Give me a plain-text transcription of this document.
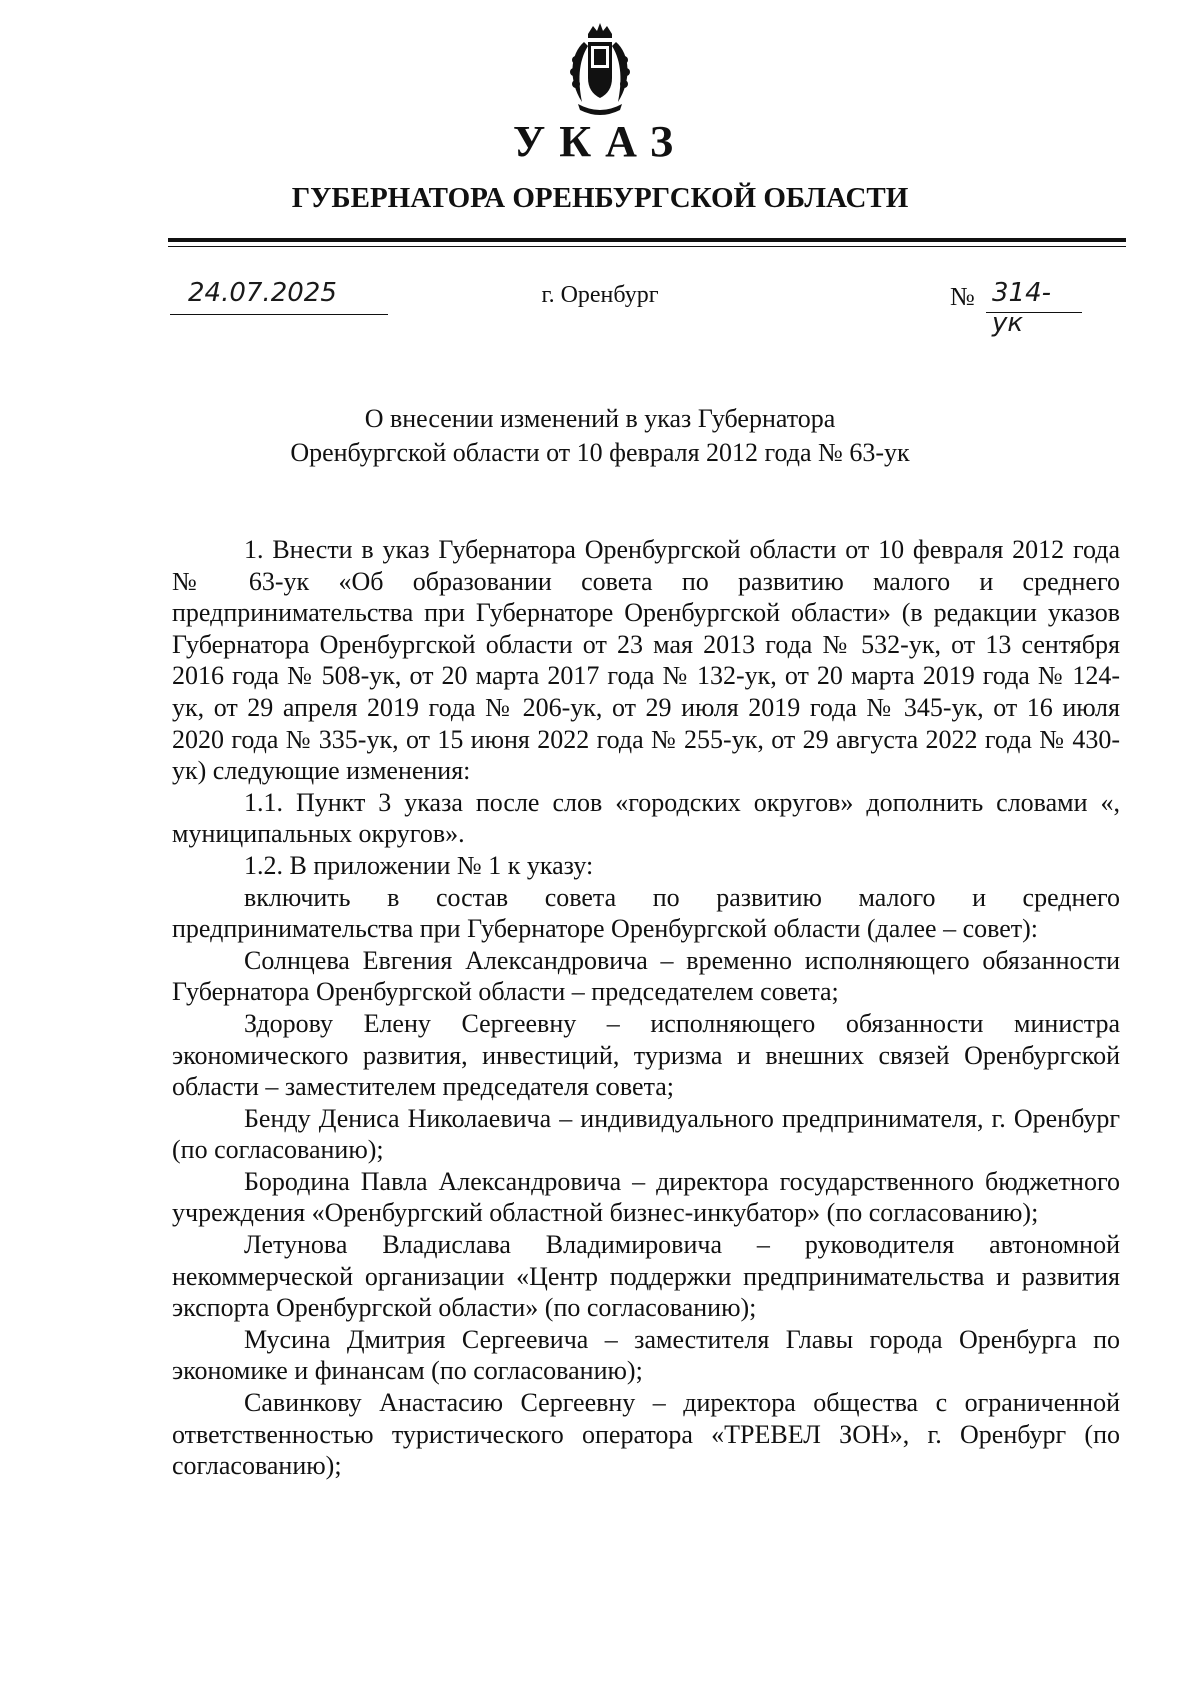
УКАЗ
ГУБЕРНАТОРА ОРЕНБУРГСКОЙ ОБЛАСТИ
24.07.2025	г. Оренбург	№ 314-ук
О внесении изменений в указ Губернатора
Оренбургской области от 10 февраля 2012 года № 63-ук

1. Внести в указ Губернатора Оренбургской области от 10 февраля 2012 года № 63-ук «Об образовании совета по развитию малого и среднего предпринимательства при Губернаторе Оренбургской области» (в редакции указов Губернатора Оренбургской области от 23 мая 2013 года № 532-ук, от 13 сентября 2016 года № 508-ук, от 20 марта 2017 года № 132-ук, от 20 марта 2019 года № 124-ук, от 29 апреля 2019 года № 206-ук, от 29 июля 2019 года № 345-ук, от 16 июля 2020 года № 335-ук, от 15 июня 2022 года № 255-ук, от 29 августа 2022 года № 430-ук) следующие изменения:

1.1. Пункт 3 указа после слов «городских округов» дополнить словами «, муниципальных округов».

1.2. В приложении № 1 к указу:

включить в состав совета по развитию малого и среднего предпринимательства при Губернаторе Оренбургской области (далее – совет):

Солнцева Евгения Александровича – временно исполняющего обязанности Губернатора Оренбургской области – председателем совета;

Здорову Елену Сергеевну – исполняющего обязанности министра экономического развития, инвестиций, туризма и внешних связей Оренбургской области – заместителем председателя совета;

Бенду Дениса Николаевича – индивидуального предпринимателя, г. Оренбург (по согласованию);

Бородина Павла Александровича – директора государственного бюджетного учреждения «Оренбургский областной бизнес-инкубатор» (по согласованию);

Летунова Владислава Владимировича – руководителя автономной некоммерческой организации «Центр поддержки предпринимательства и развития экспорта Оренбургской области» (по согласованию);

Мусина Дмитрия Сергеевича – заместителя Главы города Оренбурга по экономике и финансам (по согласованию);

Савинкову Анастасию Сергеевну – директора общества с ограниченной ответственностью туристического оператора «ТРЕВЕЛ ЗОН», г. Оренбург (по согласованию);
